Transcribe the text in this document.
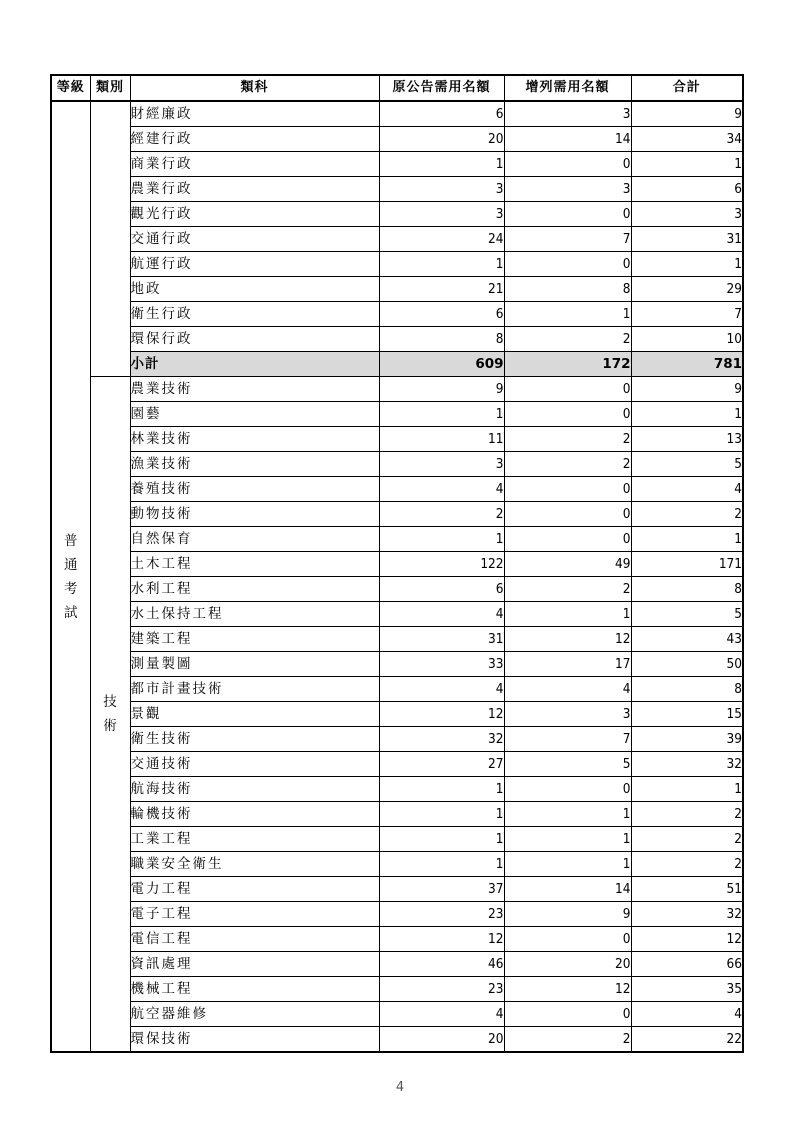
等級	類別	類科	原公告需用名額	增列需用名額	合計

普
通
考
試		財經廉政	6	3	9
		經建行政	20	14	34
		商業行政	1	0	1
		農業行政	3	3	6
		觀光行政	3	0	3
		交通行政	24	7	31
		航運行政	1	0	1
		地政	21	8	29
		衛生行政	6	1	7
		環保行政	8	2	10
		小計	609	172	781

	技
術	農業技術	9	0	9
		園藝	1	0	1
		林業技術	11	2	13
		漁業技術	3	2	5
		養殖技術	4	0	4
		動物技術	2	0	2
		自然保育	1	0	1
		土木工程	122	49	171
		水利工程	6	2	8
		水土保持工程	4	1	5
		建築工程	31	12	43
		測量製圖	33	17	50
		都市計畫技術	4	4	8
		景觀	12	3	15
		衛生技術	32	7	39
		交通技術	27	5	32
		航海技術	1	0	1
		輪機技術	1	1	2
		工業工程	1	1	2
		職業安全衛生	1	1	2
		電力工程	37	14	51
		電子工程	23	9	32
		電信工程	12	0	12
		資訊處理	46	20	66
		機械工程	23	12	35
		航空器維修	4	0	4
		環保技術	20	2	22
4
